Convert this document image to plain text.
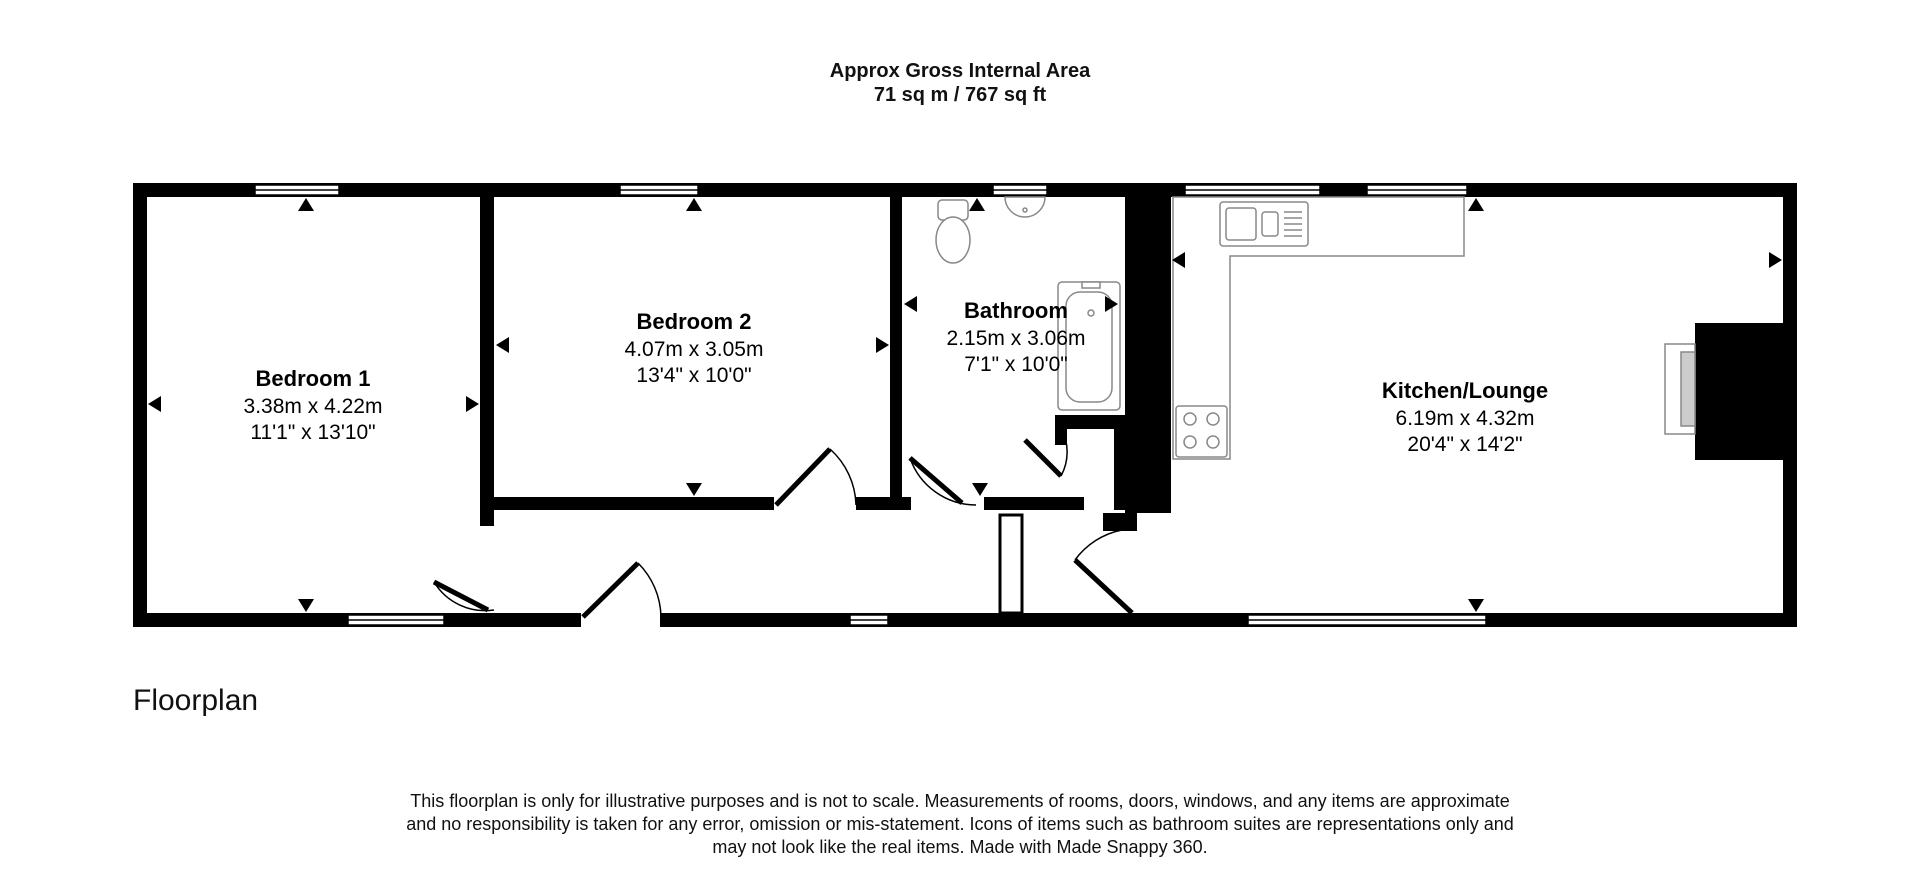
Approx Gross Internal Area
71 sq m / 767 sq ft
Bedroom 1
3.38m x 4.22m
11'1" x 13'10"
Bedroom 2
4.07m x 3.05m
13'4" x 10'0"
Bathroom
2.15m x 3.06m
7'1" x 10'0"
Kitchen/Lounge
6.19m x 4.32m
20'4" x 14'2"
Floorplan
This floorplan is only for illustrative purposes and is not to scale. Measurements of rooms, doors, windows, and any items are approximate
and no responsibility is taken for any error, omission or mis-statement. Icons of items such as bathroom suites are representations only and
may not look like the real items. Made with Made Snappy 360.
